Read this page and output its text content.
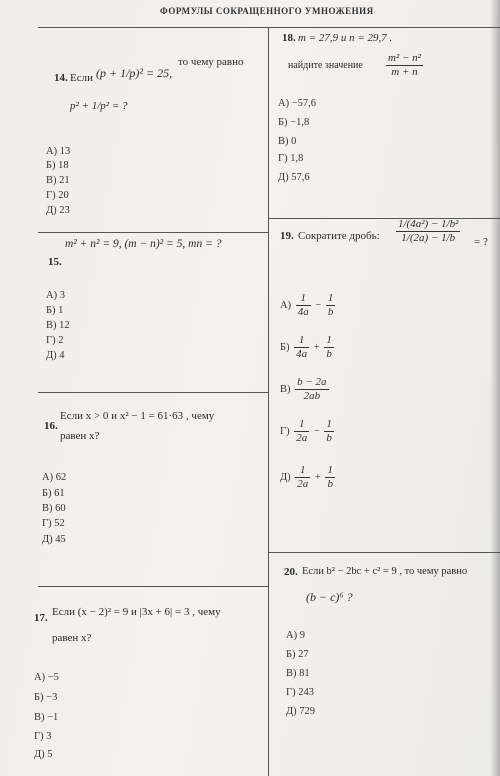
ФОРМУЛЫ СОКРАЩЕННОГО УМНОЖЕНИЯ
14. Если (p + 1/p)² = 25,
то чему равно
p² + 1/p² = ?
А) 13
Б) 18
В) 21
Г) 20
Д) 23
15.
m² + n² = 9, (m − n)² = 5, mn = ?
А) 3
Б) 1
В) 12
Г) 2
Д) 4
16.
Если x > 0 и x² − 1 = 61·63 , чему
равен x?
А) 62
Б) 61
В) 60
Г) 52
Д) 45
17. Если (x − 2)² = 9 и |3x + 6| = 3 , чему
равен x?
А) −5
Б) −3
В) −1
Г) 3
Д) 5
18. m = 27,9 и n = 29,7 .
найдите значение $\frac{\text{m² − n²}}{m + n}$
А) −57,6
Б) −1,8
В) 0
Г) 1,8
Д) 57,6
19. Сократите дробь: $\frac{\text{1/(4a²) − 1/b²}}{1/(2a) - 1/b}$ = ?
$А) \frac{1}{4a} - \frac{1}{b}$
$Б) \frac{1}{4a} + \frac{1}{b}$
$В) \frac{b - 2a}{2ab}$
$Г) \frac{1}{2a} - \frac{1}{b}$
$Д) \frac{1}{2a} + \frac{1}{b}$
20. Если b² − 2bc + c² = 9 , то чему равно
(b − c)⁶ ?
А) 9
Б) 27
В) 81
Г) 243
Д) 729
